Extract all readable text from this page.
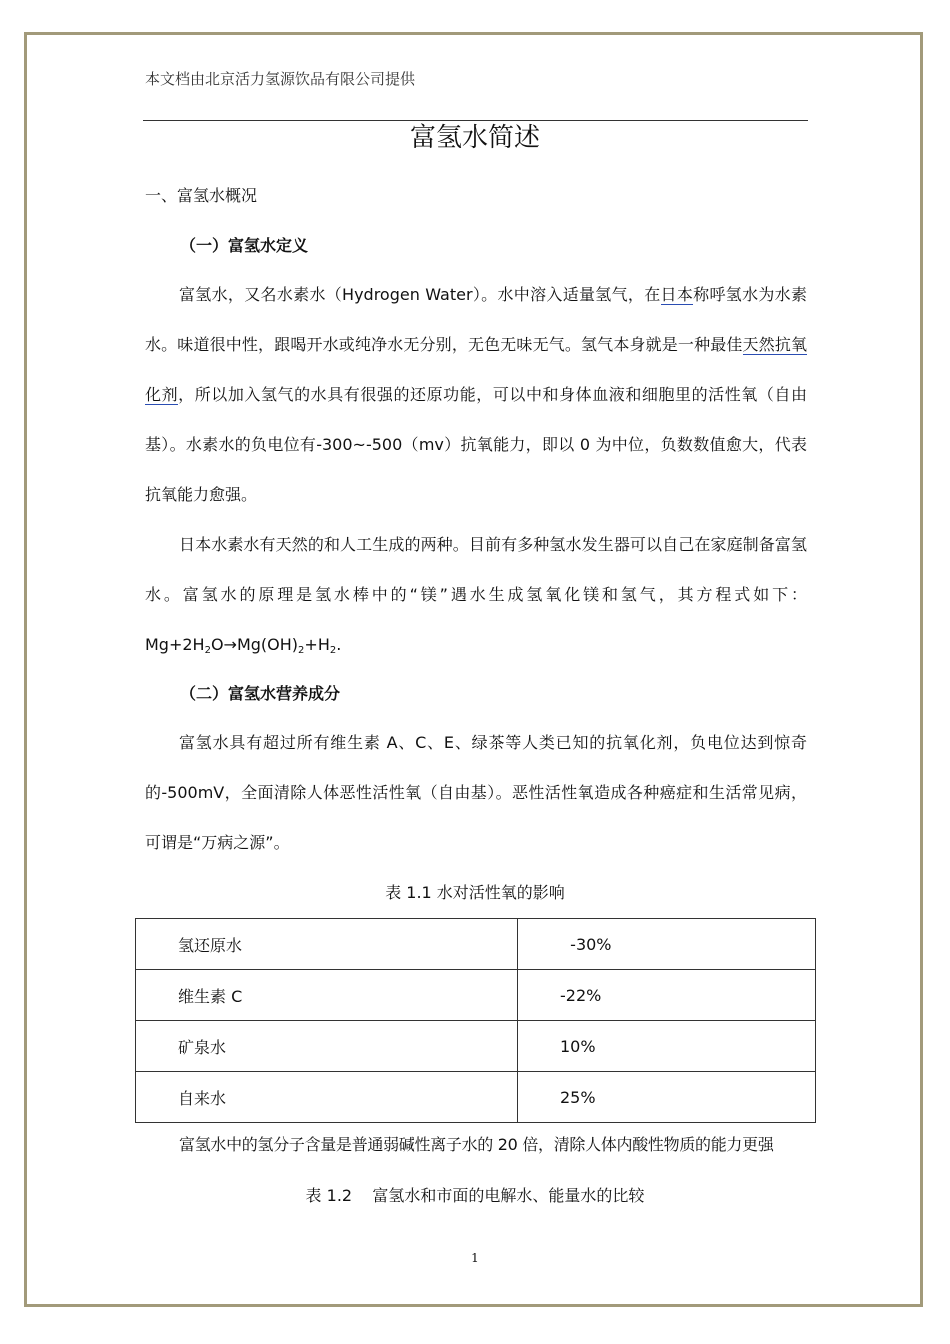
本文档由北京活力氢源饮品有限公司提供
富氢水简述
一、富氢水概况
（一）富氢水定义

富氢水，又名水素水（Hydrogen Water）。水中溶入适量氢气，在日本称呼氢水为水素水。味道很中性，跟喝开水或纯净水无分别，无色无味无气。氢气本身就是一种最佳天然抗氧化剂，所以加入氢气的水具有很强的还原功能，可以中和身体血液和细胞里的活性氧（自由基）。水素水的负电位有-300~-500（mv）抗氧能力，即以 0 为中位，负数数值愈大，代表抗氧能力愈强。

日本水素水有天然的和人工生成的两种。目前有多种氢水发生器可以自己在家庭制备富氢水。富氢水的原理是氢水棒中的“镁”遇水生成氢氧化镁和氢气，其方程式如下： $Mg+2H_2O\to Mg(OH)_2+H_2$.

（二）富氢水营养成分

富氢水具有超过所有维生素 A、C、E、绿茶等人类已知的抗氧化剂，负电位达到惊奇的-500mV，全面清除人体恶性活性氧（自由基）。恶性活性氧造成各种癌症和生活常见病，可谓是“万病之源”。

表 1.1 水对活性氧的影响
氢还原水	-30%
维生素 C	-22%
矿泉水	10%
自来水	25%

富氢水中的氢分子含量是普通弱碱性离子水的 20 倍，清除人体内酸性物质的能力更强

表 1.2    富氢水和市面的电解水、能量水的比较
1
